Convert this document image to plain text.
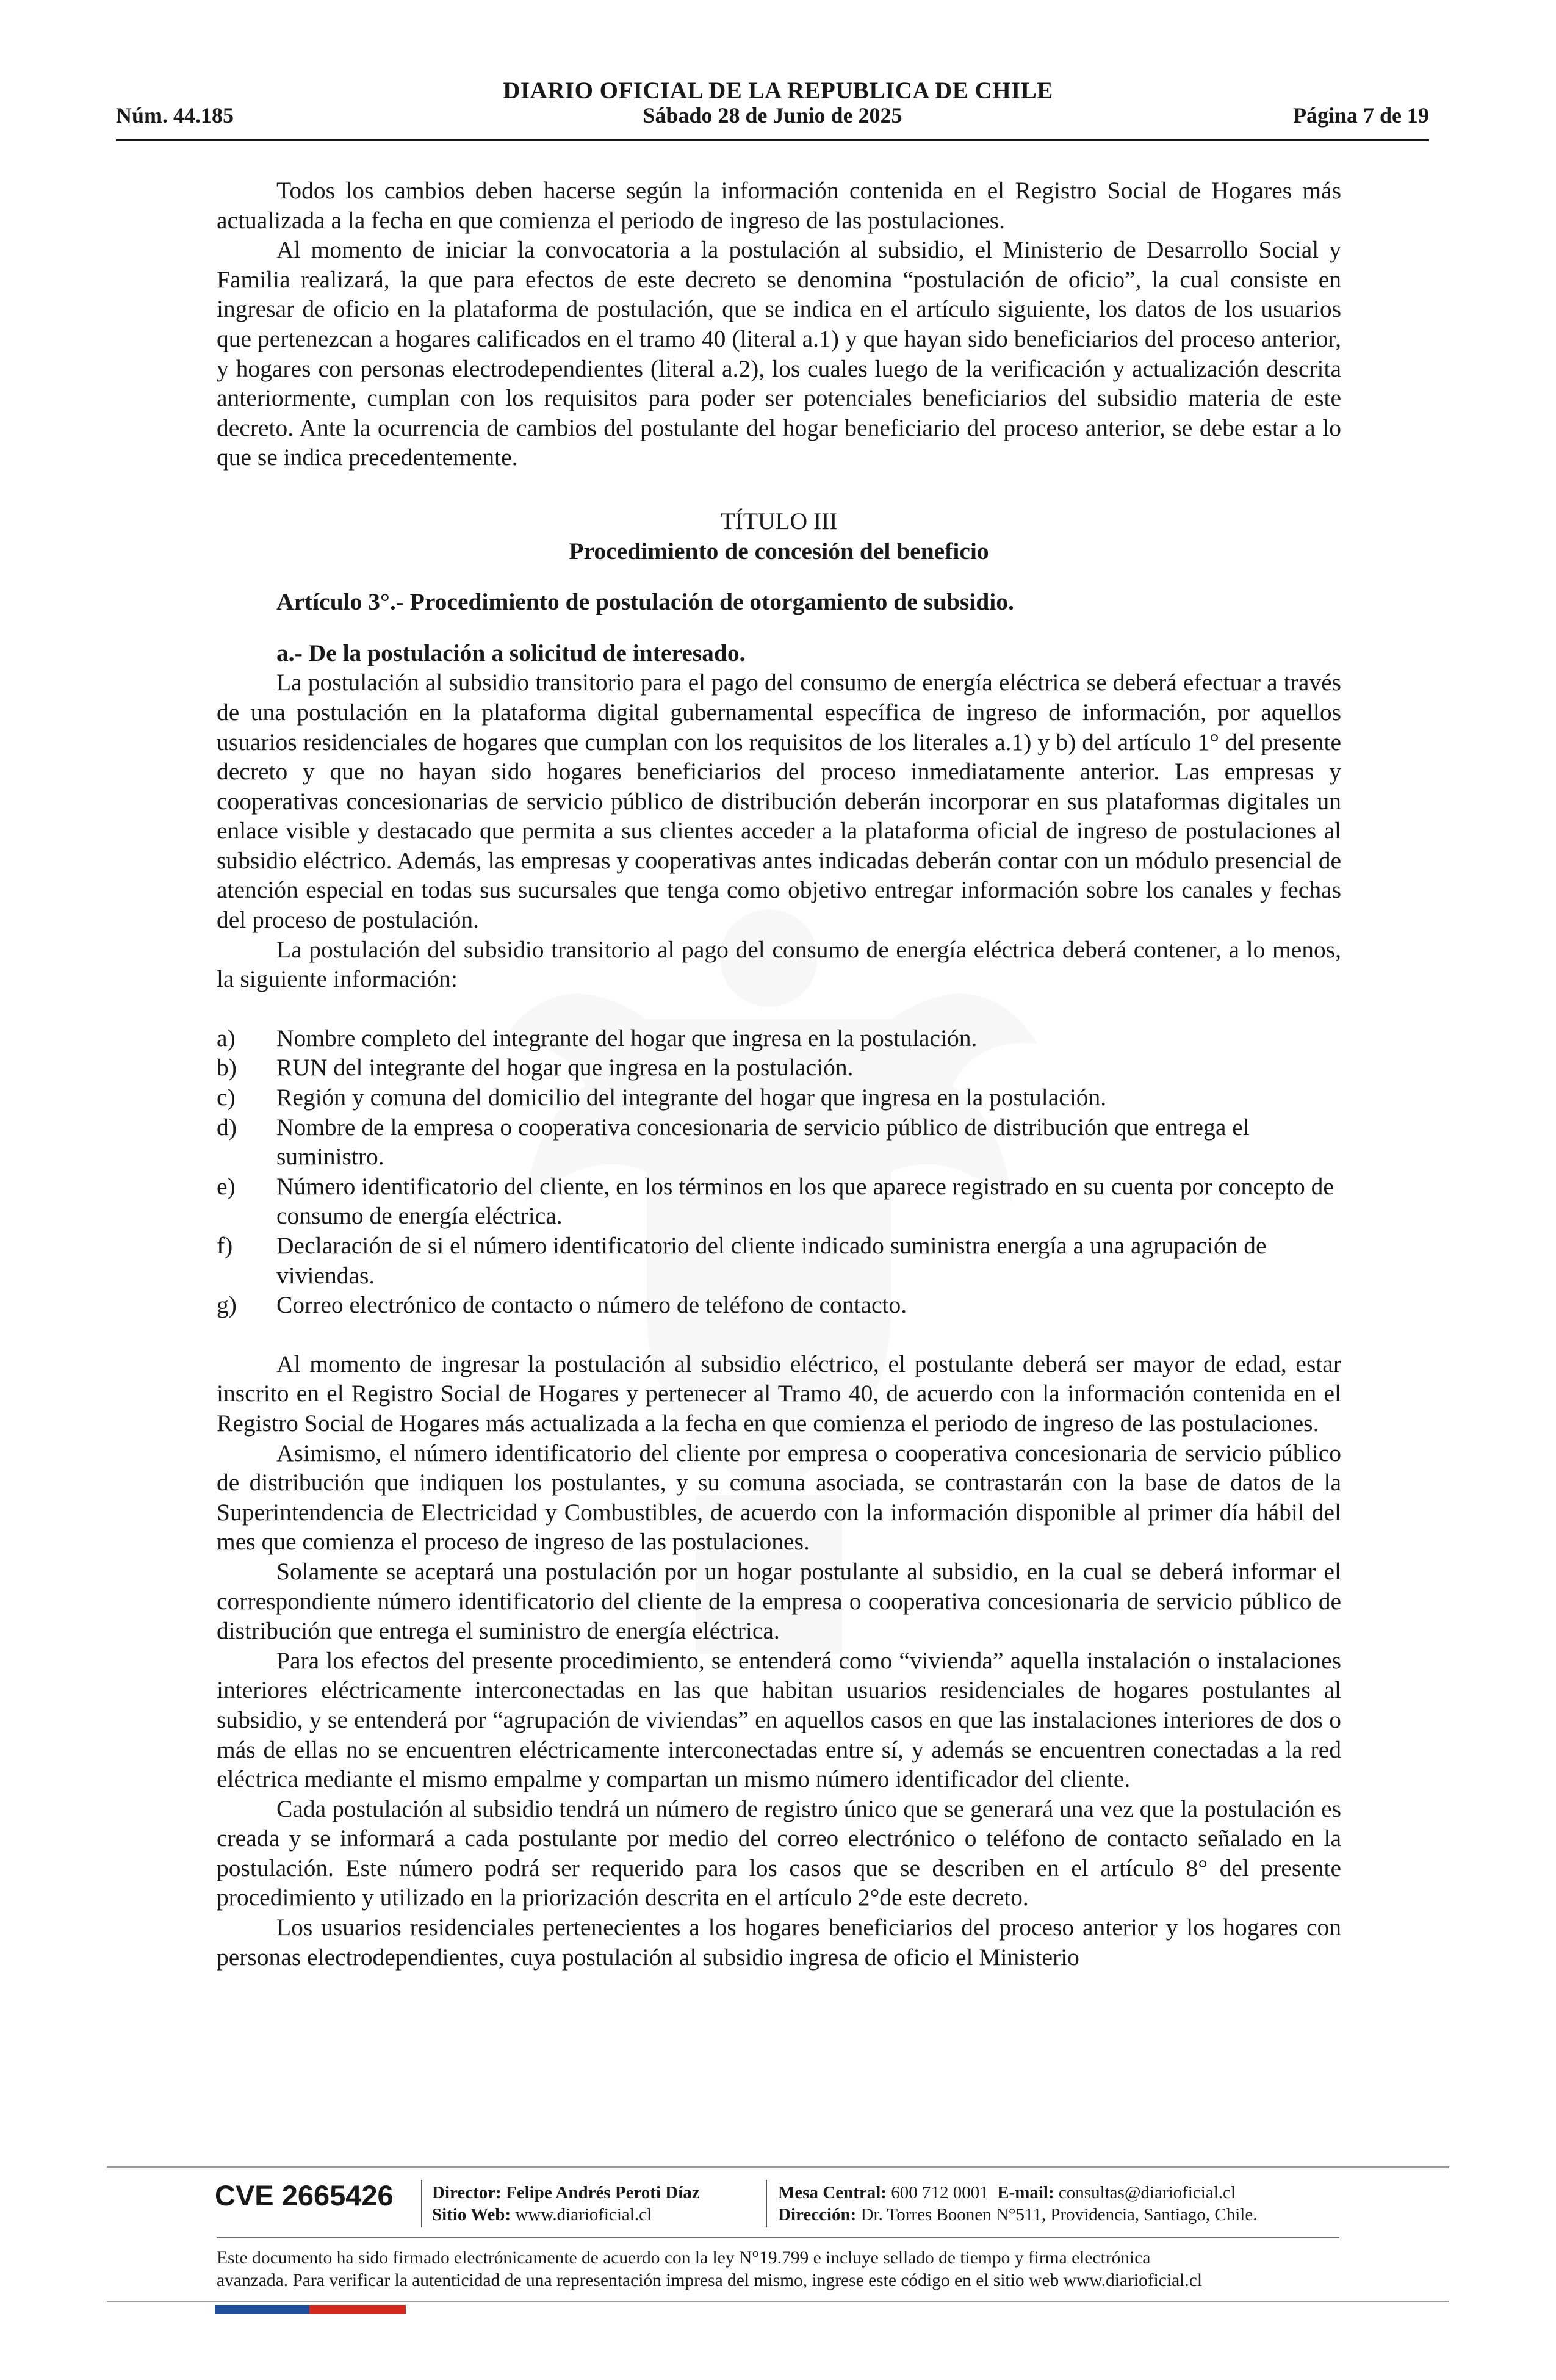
DIARIO OFICIAL DE LA REPUBLICA DE CHILE
Núm. 44.185	Sábado 28 de Junio de 2025	Página 7 de 19

Todos los cambios deben hacerse según la información contenida en el Registro Social de Hogares más actualizada a la fecha en que comienza el periodo de ingreso de las postulaciones.

Al momento de iniciar la convocatoria a la postulación al subsidio, el Ministerio de Desarrollo Social y Familia realizará, la que para efectos de este decreto se denomina “postulación de oficio”, la cual consiste en ingresar de oficio en la plataforma de postulación, que se indica en el artículo siguiente, los datos de los usuarios que pertenezcan a hogares calificados en el tramo 40 (literal a.1) y que hayan sido beneficiarios del proceso anterior, y hogares con personas electrodependientes (literal a.2), los cuales luego de la verificación y actualización descrita anteriormente, cumplan con los requisitos para poder ser potenciales beneficiarios del subsidio materia de este decreto. Ante la ocurrencia de cambios del postulante del hogar beneficiario del proceso anterior, se debe estar a lo que se indica precedentemente.

TÍTULO III

Procedimiento de concesión del beneficio

Artículo 3°.- Procedimiento de postulación de otorgamiento de subsidio.

a.- De la postulación a solicitud de interesado.

La postulación al subsidio transitorio para el pago del consumo de energía eléctrica se deberá efectuar a través de una postulación en la plataforma digital gubernamental específica de ingreso de información, por aquellos usuarios residenciales de hogares que cumplan con los requisitos de los literales a.1) y b) del artículo 1° del presente decreto y que no hayan sido hogares beneficiarios del proceso inmediatamente anterior. Las empresas y cooperativas concesionarias de servicio público de distribución deberán incorporar en sus plataformas digitales un enlace visible y destacado que permita a sus clientes acceder a la plataforma oficial de ingreso de postulaciones al subsidio eléctrico. Además, las empresas y cooperativas antes indicadas deberán contar con un módulo presencial de atención especial en todas sus sucursales que tenga como objetivo entregar información sobre los canales y fechas del proceso de postulación.

La postulación del subsidio transitorio al pago del consumo de energía eléctrica deberá contener, a lo menos, la siguiente información:

a) Nombre completo del integrante del hogar que ingresa en la postulación.
b) RUN del integrante del hogar que ingresa en la postulación.
c) Región y comuna del domicilio del integrante del hogar que ingresa en la postulación.
d) Nombre de la empresa o cooperativa concesionaria de servicio público de distribución que entrega el suministro.
e) Número identificatorio del cliente, en los términos en los que aparece registrado en su cuenta por concepto de consumo de energía eléctrica.
f) Declaración de si el número identificatorio del cliente indicado suministra energía a una agrupación de viviendas.
g) Correo electrónico de contacto o número de teléfono de contacto.

Al momento de ingresar la postulación al subsidio eléctrico, el postulante deberá ser mayor de edad, estar inscrito en el Registro Social de Hogares y pertenecer al Tramo 40, de acuerdo con la información contenida en el Registro Social de Hogares más actualizada a la fecha en que comienza el periodo de ingreso de las postulaciones.

Asimismo, el número identificatorio del cliente por empresa o cooperativa concesionaria de servicio público de distribución que indiquen los postulantes, y su comuna asociada, se contrastarán con la base de datos de la Superintendencia de Electricidad y Combustibles, de acuerdo con la información disponible al primer día hábil del mes que comienza el proceso de ingreso de las postulaciones.

Solamente se aceptará una postulación por un hogar postulante al subsidio, en la cual se deberá informar el correspondiente número identificatorio del cliente de la empresa o cooperativa concesionaria de servicio público de distribución que entrega el suministro de energía eléctrica.

Para los efectos del presente procedimiento, se entenderá como “vivienda” aquella instalación o instalaciones interiores eléctricamente interconectadas en las que habitan usuarios residenciales de hogares postulantes al subsidio, y se entenderá por “agrupación de viviendas” en aquellos casos en que las instalaciones interiores de dos o más de ellas no se encuentren eléctricamente interconectadas entre sí, y además se encuentren conectadas a la red eléctrica mediante el mismo empalme y compartan un mismo número identificador del cliente.

Cada postulación al subsidio tendrá un número de registro único que se generará una vez que la postulación es creada y se informará a cada postulante por medio del correo electrónico o teléfono de contacto señalado en la postulación. Este número podrá ser requerido para los casos que se describen en el artículo 8° del presente procedimiento y utilizado en la priorización descrita en el artículo 2°de este decreto.

Los usuarios residenciales pertenecientes a los hogares beneficiarios del proceso anterior y los hogares con personas electrodependientes, cuya postulación al subsidio ingresa de oficio el Ministerio

CVE 2665426 Director: Felipe Andrés Peroti Díaz
Sitio Web: www.diarioficial.cl
Mesa Central: 600 712 0001 E-mail: consultas@diarioficial.cl
Dirección: Dr. Torres Boonen N°511, Providencia, Santiago, Chile.
Este documento ha sido firmado electrónicamente de acuerdo con la ley N°19.799 e incluye sellado de tiempo y firma electrónica
avanzada. Para verificar la autenticidad de una representación impresa del mismo, ingrese este código en el sitio web www.diarioficial.cl
